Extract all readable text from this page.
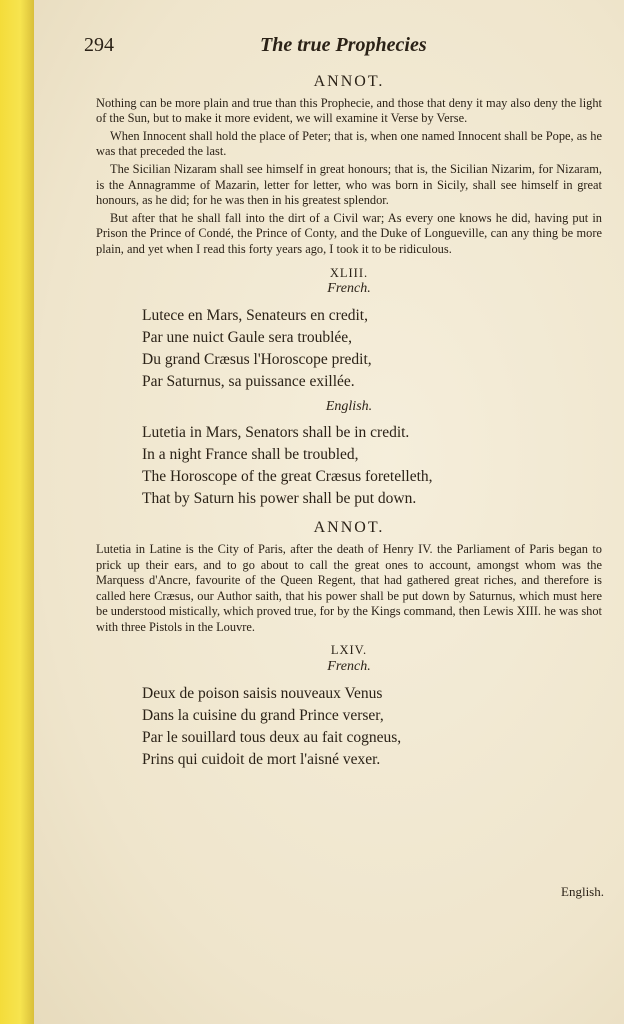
294	The true Prophecies
ANNOT.

Nothing can be more plain and true than this Prophecie, and those that deny it may also deny the light of the Sun, but to make it more evident, we will examine it Verse by Verse.

When Innocent shall hold the place of Peter; that is, when one named Innocent shall be Pope, as he was that preceded the last.

The Sicilian Nizaram shall see himself in great honours; that is, the Sicilian Nizarim, for Nizaram, is the Annagramme of Mazarin, letter for letter, who was born in Sicily, shall see himself in great honours, as he did; for he was then in his greatest splendor.

But after that he shall fall into the dirt of a Civil war; As every one knows he did, having put in Prison the Prince of Condé, the Prince of Conty, and the Duke of Longueville, can any thing be more plain, and yet when I read this forty years ago, I took it to be ridiculous.

XLIII.
French.
Lutece en Mars, Senateurs en credit,
Par une nuict Gaule sera troublée,
Du grand Cræsus l'Horoscope predit,
Par Saturnus, sa puissance exillée.
English.
Lutetia in Mars, Senators shall be in credit.
In a night France shall be troubled,
The Horoscope of the great Cræsus foretelleth,
That by Saturn his power shall be put down.
ANNOT.

Lutetia in Latine is the City of Paris, after the death of Henry IV. the Parliament of Paris began to prick up their ears, and to go about to call the great ones to account, amongst whom was the Marquess d'Ancre, favourite of the Queen Regent, that had gathered great riches, and therefore is called here Cræsus, our Author saith, that his power shall be put down by Saturnus, which must here be understood mistically, which proved true, for by the Kings command, then Lewis XIII. he was shot with three Pistols in the Louvre.

LXIV.
French.
Deux de poison saisis nouveaux Venus
Dans la cuisine du grand Prince verser,
Par le souillard tous deux au fait cogneus,
Prins qui cuidoit de mort l'aisné vexer.
English.
